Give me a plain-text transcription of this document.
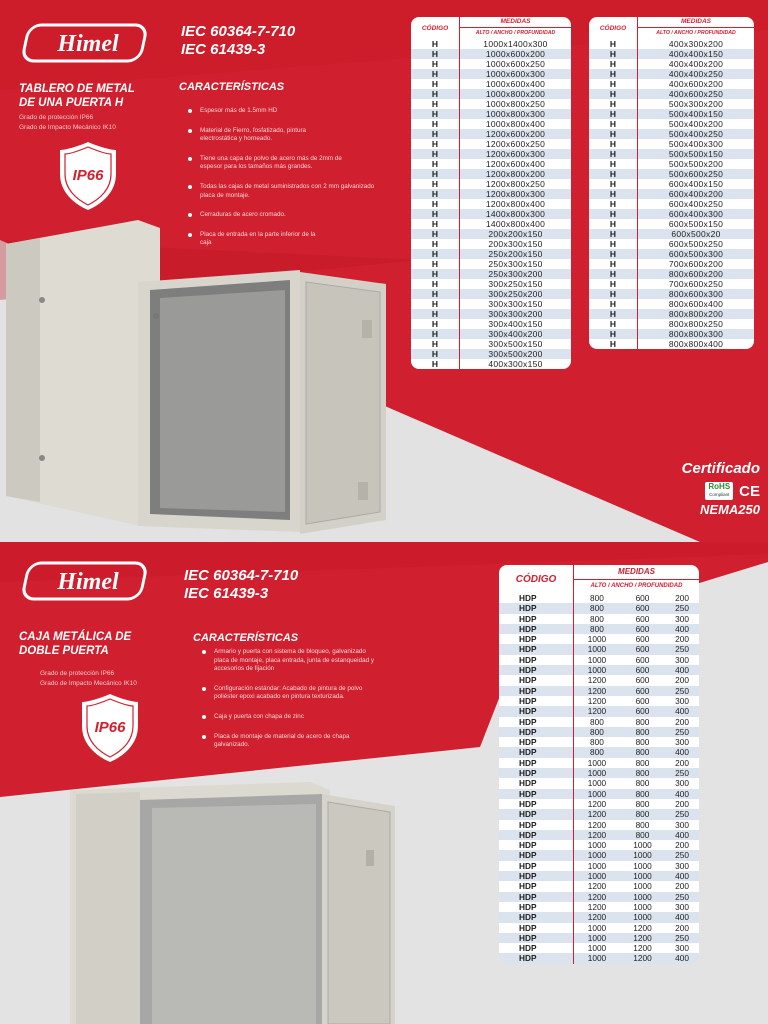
Himel	IEC 60364-7-710
IEC 61439-3
TABLERO DE METAL
DE UNA PUERTA H
Grado de protección IP66
Grado de Impacto Mecánico IK10
IP66
CARACTERÍSTICAS
Espesor más de 1.5mm HD
Material de Fierro, fosfatizado, pintura electrostática y horneado.
Tiene una capa de polvo de acero más de 2mm de espesor para los tamaños más grandes.
Todas las cajas de metal suministrados con 2 mm galvanizado placa de montaje.
Cerraduras de acero cromado.
Placa de entrada en la parte inferior de la caja
CÓDIGO	MEDIDAS
	ALTO / ANCHO / PROFUNDIDAD
H	1000x1400x300
H	1000x600x200
H	1000x600x250
H	1000x600x300
H	1000x600x400
H	1000x800x200
H	1000x800x250
H	1000x800x300
H	1000x800x400
H	1200x600x200
H	1200x600x250
H	1200x600x300
H	1200x600x400
H	1200x800x200
H	1200x800x250
H	1200x800x300
H	1200x800x400
H	1400x800x300
H	1400x800x400
H	200x200x150
H	200x300x150
H	250x200x150
H	250x300x150
H	250x300x200
H	300x250x150
H	300x250x200
H	300x300x150
H	300x300x200
H	300x400x150
H	300x400x200
H	300x500x150
H	300x500x200
H	400x300x150
CÓDIGO	MEDIDAS
	ALTO / ANCHO / PROFUNDIDAD
H	400x300x200
H	400x400x150
H	400x400x200
H	400x400x250
H	400x600x200
H	400x600x250
H	500x300x200
H	500x400x150
H	500x400x200
H	500x400x250
H	500x400x300
H	500x500x150
H	500x500x200
H	500x600x250
H	600x400x150
H	600x400x200
H	600x400x250
H	600x400x300
H	600x500x150
H	600x500x20
H	600x500x250
H	600x500x300
H	700x600x200
H	800x600x200
H	700x600x250
H	800x600x300
H	800x600x400
H	800x800x200
H	800x800x250
H	800x800x300
H	800x800x400
Certificado
RoHS
Compliant CE
NEMA250
Himel	IEC 60364-7-710
IEC 61439-3
CAJA METÁLICA DE
DOBLE PUERTA
Grado de protección IP66
Grado de Impacto Mecánico IK10
IP66
CARACTERÍSTICAS
Armario y puerta con sistema de bloqueo, galvanizado placa de montaje, placa entrada, junta de estanqueidad y accesorios de fijación
Configuración estándar: Acabado de pintura de polvo poliéster epoxi acabado en pintura texturizada.
Caja y puerta con chapa de zinc
Placa de montaje de material de acero de chapa galvanizado.
CÓDIGO	MEDIDAS		
	ALTO / ANCHO / PROFUNDIDAD		
HDP	800	600	200
HDP	800	600	250
HDP	800	600	300
HDP	800	600	400
HDP	1000	600	200
HDP	1000	600	250
HDP	1000	600	300
HDP	1000	600	400
HDP	1200	600	200
HDP	1200	600	250
HDP	1200	600	300
HDP	1200	600	400
HDP	800	800	200
HDP	800	800	250
HDP	800	800	300
HDP	800	800	400
HDP	1000	800	200
HDP	1000	800	250
HDP	1000	800	300
HDP	1000	800	400
HDP	1200	800	200
HDP	1200	800	250
HDP	1200	800	300
HDP	1200	800	400
HDP	1000	1000	200
HDP	1000	1000	250
HDP	1000	1000	300
HDP	1000	1000	400
HDP	1200	1000	200
HDP	1200	1000	250
HDP	1200	1000	300
HDP	1200	1000	400
HDP	1000	1200	200
HDP	1000	1200	250
HDP	1000	1200	300
HDP	1000	1200	400
